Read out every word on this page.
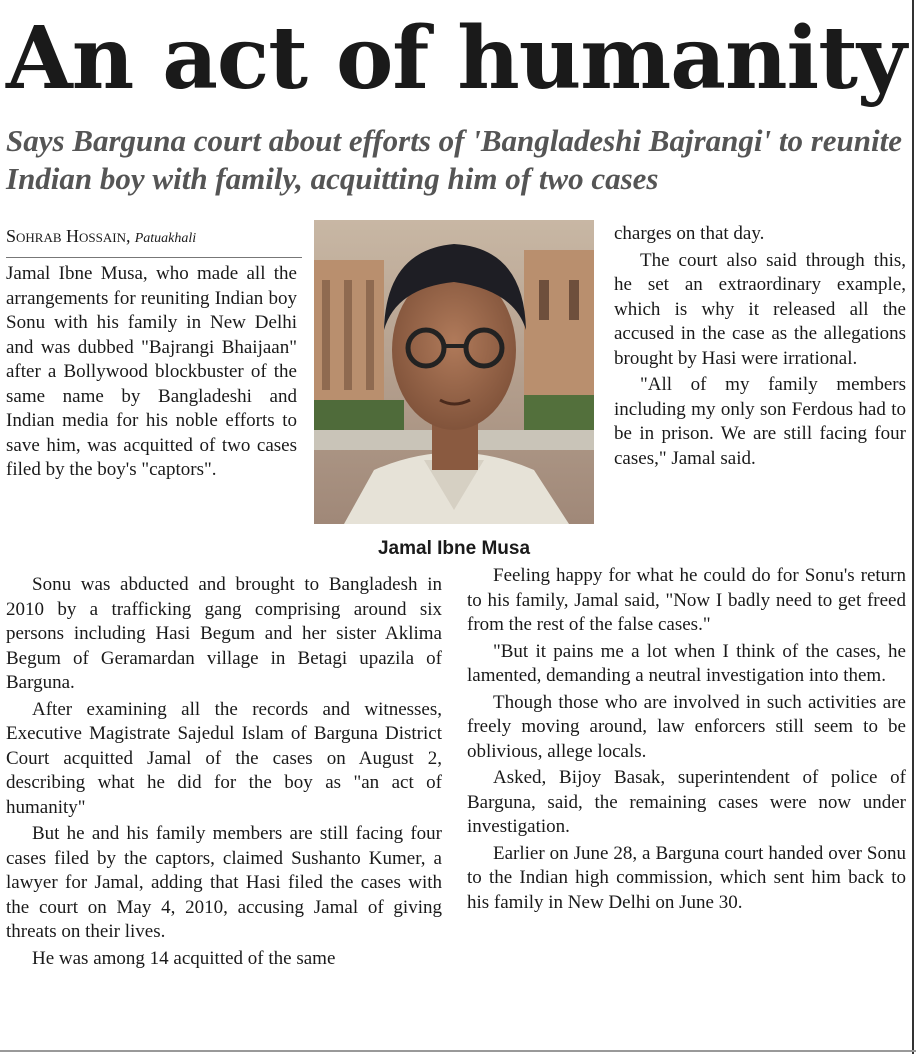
An act of humanity
Says Barguna court about efforts of 'Bangladeshi Bajrangi' to reunite Indian boy with family, acquitting him of two cases
Sohrab Hossain, Patuakhali

Jamal Ibne Musa, who made all the arrangements for reuniting Indian boy Sonu with his family in New Delhi and was dubbed "Bajrangi Bhaijaan" after a Bollywood blockbuster of the same name by Bangladeshi and Indian media for his noble efforts to save him, was acquitted of two cases filed by the boy's "captors".

Jamal Ibne Musa

Sonu was abducted and brought to Bangladesh in 2010 by a trafficking gang comprising around six persons including Hasi Begum and her sister Aklima Begum of Geramardan village in Betagi upazila of Barguna.

After examining all the records and witnesses, Executive Magistrate Sajedul Islam of Barguna District Court acquitted Jamal of the cases on August 2, describing what he did for the boy as "an act of humanity"

But he and his family members are still facing four cases filed by the captors, claimed Sushanto Kumer, a lawyer for Jamal, adding that Hasi filed the cases with the court on May 4, 2010, accusing Jamal of giving threats on their lives.

He was among 14 acquitted of the same

charges on that day.

The court also said through this, he set an extraordinary example, which is why it released all the accused in the case as the allegations brought by Hasi were irrational.

"All of my family members including my only son Ferdous had to be in prison. We are still facing four cases," Jamal said.

Feeling happy for what he could do for Sonu's return to his family, Jamal said, "Now I badly need to get freed from the rest of the false cases."

"But it pains me a lot when I think of the cases, he lamented, demanding a neutral investigation into them.

Though those who are involved in such activities are freely moving around, law enforcers still seem to be oblivious, allege locals.

Asked, Bijoy Basak, superintendent of police of Barguna, said, the remaining cases were now under investigation.

Earlier on June 28, a Barguna court handed over Sonu to the Indian high commission, which sent him back to his family in New Delhi on June 30.
